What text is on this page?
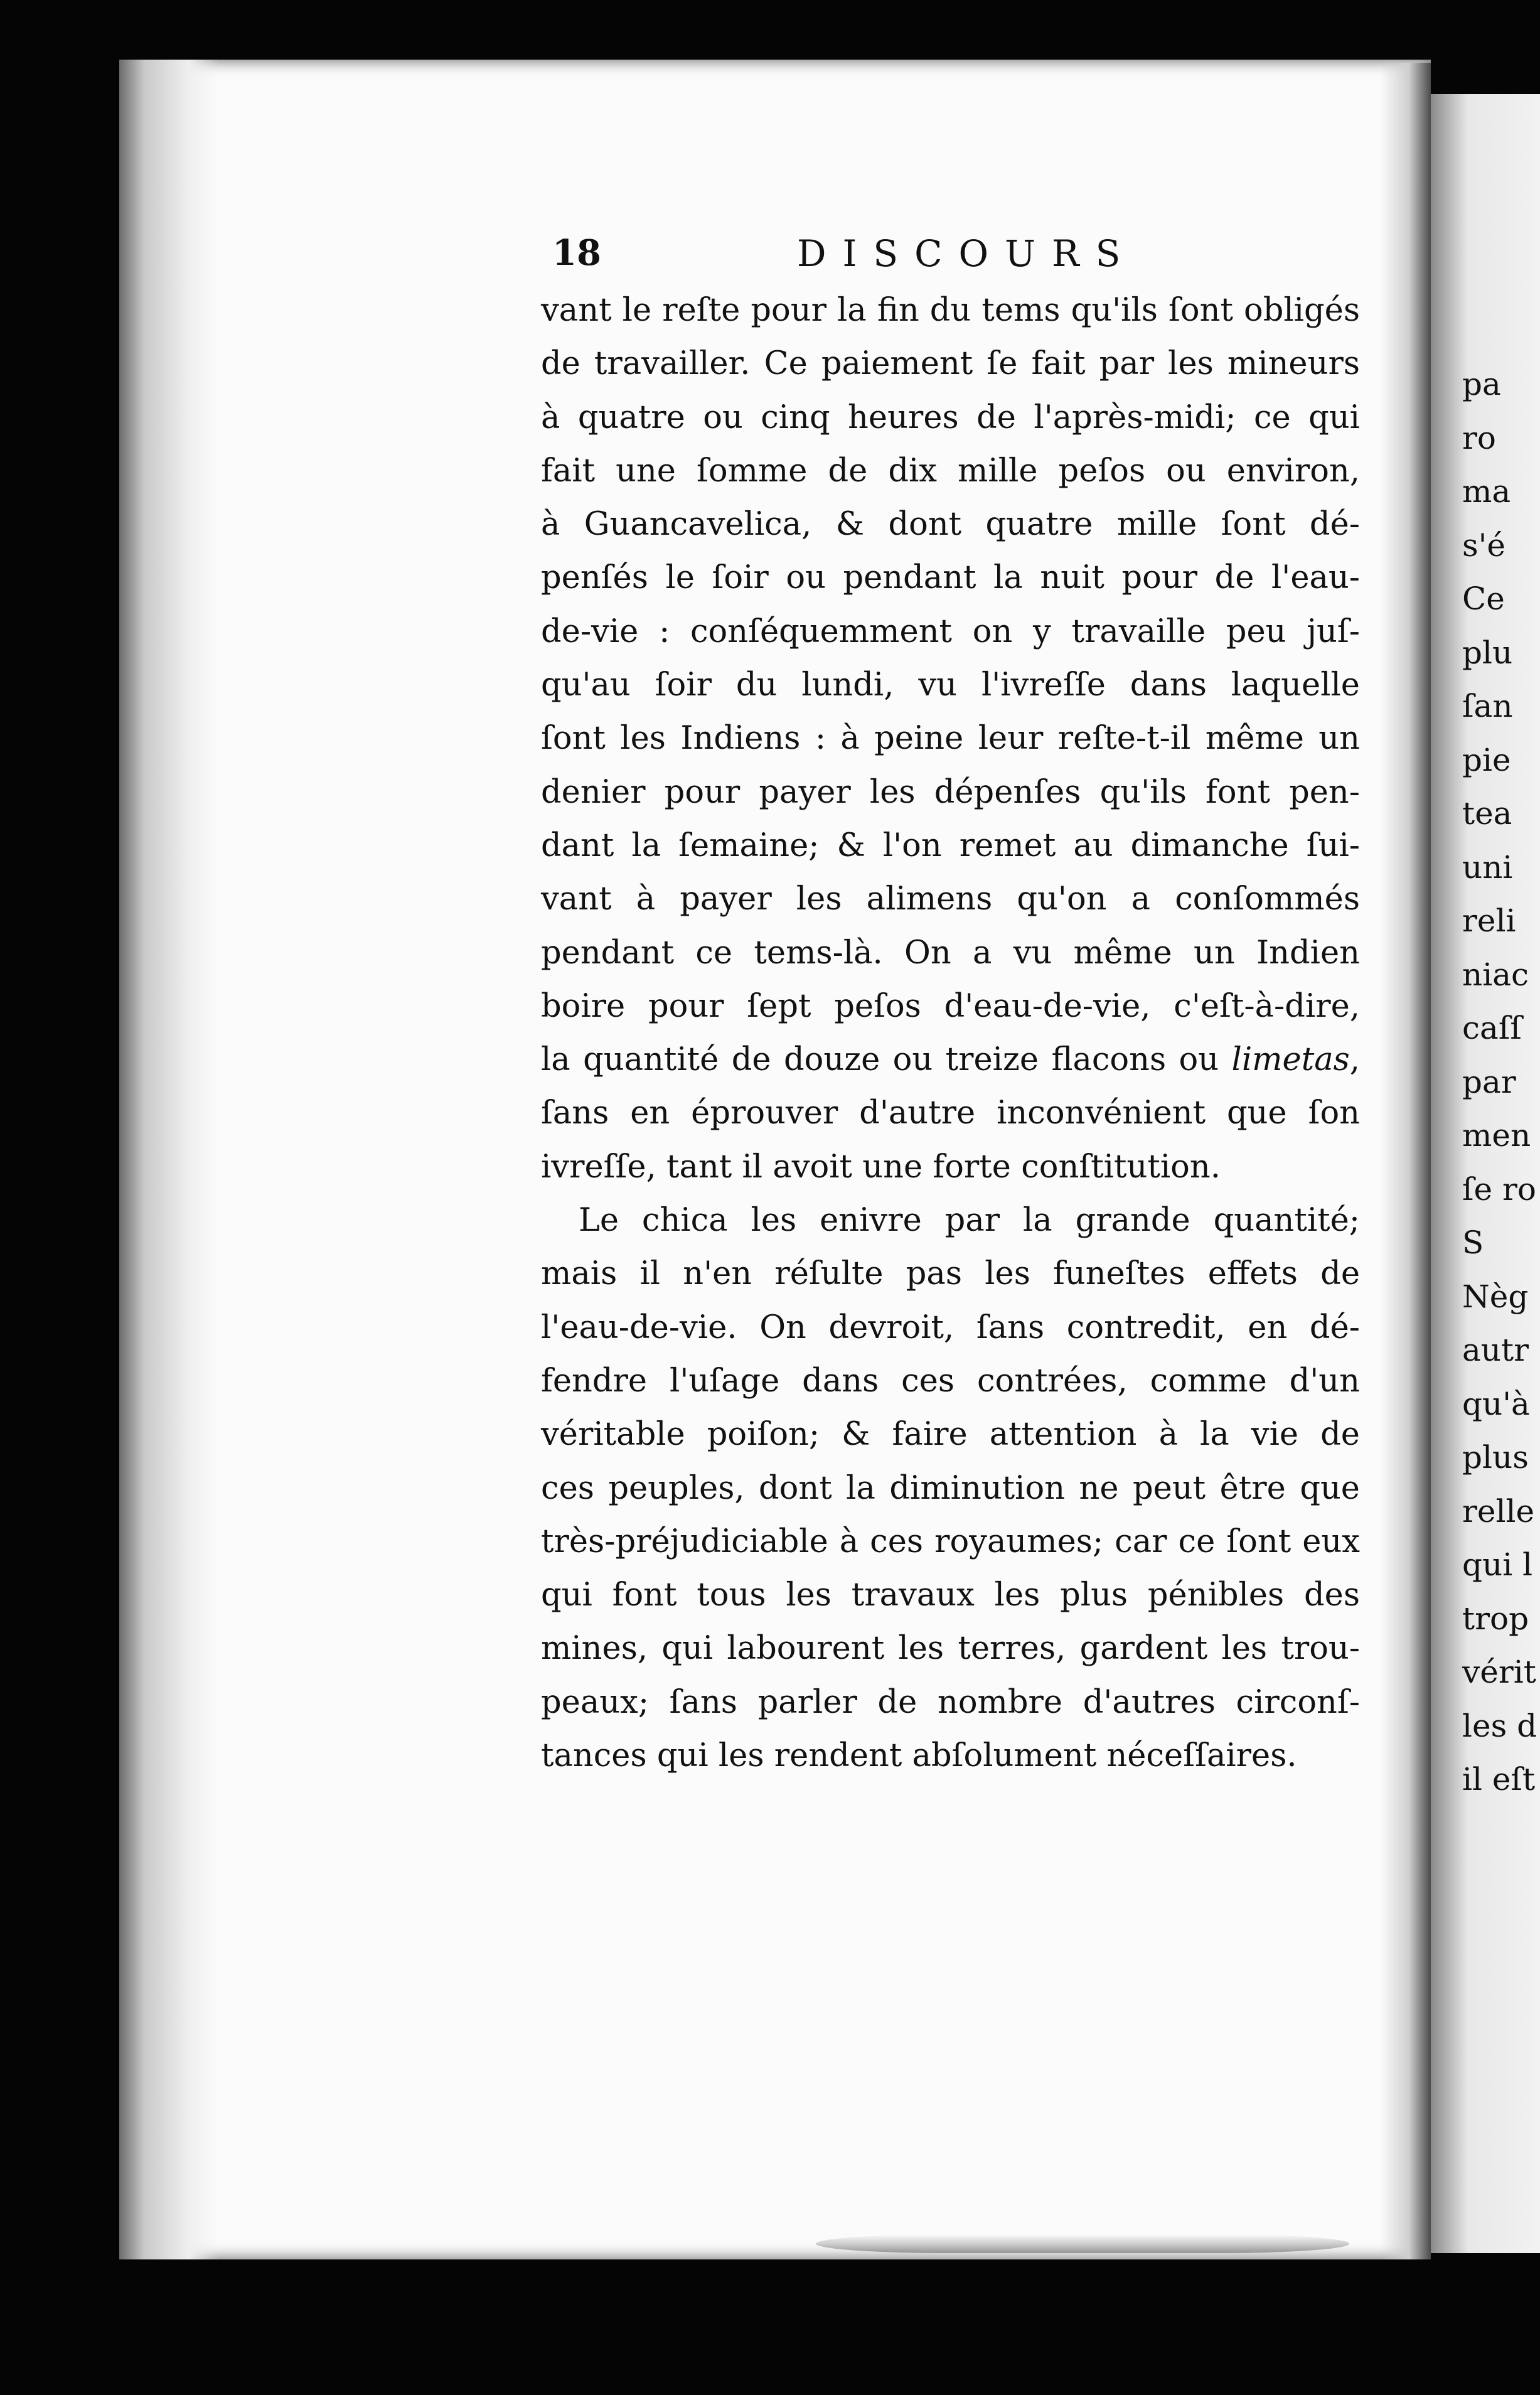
pa
ro
ma
s'é
Ce
plu
ſan
pie
tea
uni
reli
niac
caſſ
par
men
ſe ro
S
Nèg
autr
qu'à
plus
relle
qui l
trop
vérit
les d
il eſt
18	DISCOURS
vant le reſte pour la fin du tems qu'ils ſont obligés
de travailler. Ce paiement ſe fait par les mineurs
à quatre ou cinq heures de l'après-midi; ce qui
fait une ſomme de dix mille peſos ou environ,
à Guancavelica, & dont quatre mille ſont dé-
penſés le ſoir ou pendant la nuit pour de l'eau-
de-vie : conſéquemment on y travaille peu juſ-
qu'au ſoir du lundi, vu l'ivreſſe dans laquelle
ſont les Indiens : à peine leur reſte-t-il même un
denier pour payer les dépenſes qu'ils font pen-
dant la ſemaine; & l'on remet au dimanche ſui-
vant à payer les alimens qu'on a conſommés
pendant ce tems-là. On a vu même un Indien
boire pour ſept peſos d'eau-de-vie, c'eſt-à-dire,
la quantité de douze ou treize flacons ou limetas,
ſans en éprouver d'autre inconvénient que ſon
ivreſſe, tant il avoit une forte conſtitution.
Le chica les enivre par la grande quantité;
mais il n'en réſulte pas les funeſtes effets de
l'eau-de-vie. On devroit, ſans contredit, en dé-
fendre l'uſage dans ces contrées, comme d'un
véritable poiſon; & faire attention à la vie de
ces peuples, dont la diminution ne peut être que
très-préjudiciable à ces royaumes; car ce ſont eux
qui font tous les travaux les plus pénibles des
mines, qui labourent les terres, gardent les trou-
peaux; ſans parler de nombre d'autres circonſ-
tances qui les rendent abſolument néceſſaires.
